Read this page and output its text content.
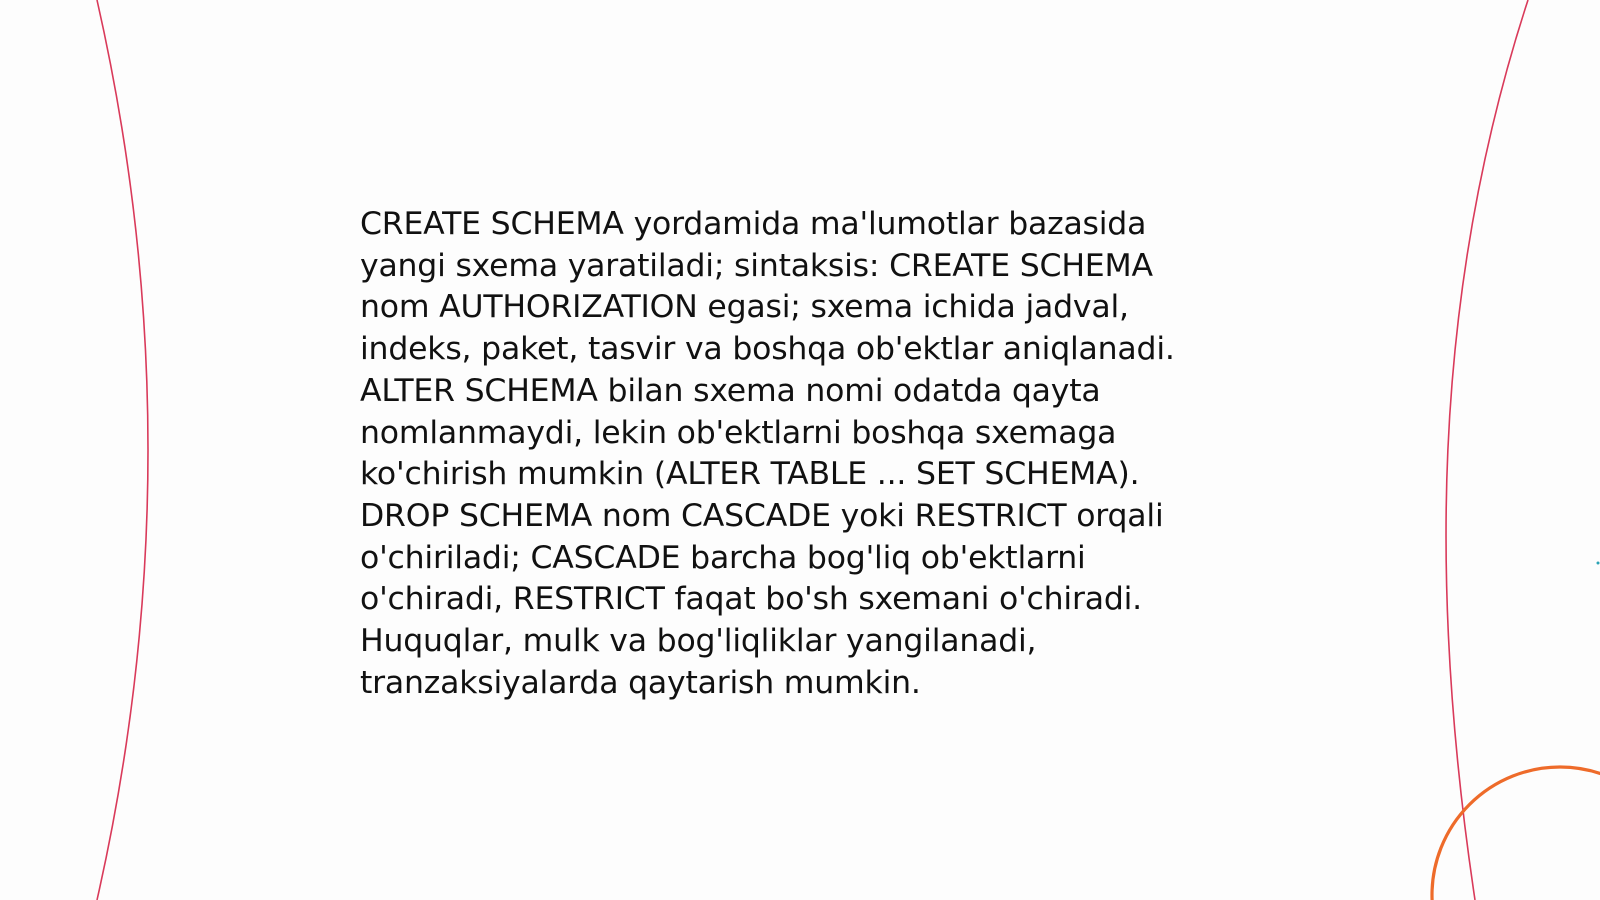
CREATE SCHEMA yordamida ma'lumotlar bazasida
yangi sxema yaratiladi; sintaksis: CREATE SCHEMA
nom AUTHORIZATION egasi; sxema ichida jadval,
indeks, paket, tasvir va boshqa ob'ektlar aniqlanadi.
ALTER SCHEMA bilan sxema nomi odatda qayta
nomlanmaydi, lekin ob'ektlarni boshqa sxemaga
ko'chirish mumkin (ALTER TABLE ... SET SCHEMA).
DROP SCHEMA nom CASCADE yoki RESTRICT orqali
o'chiriladi; CASCADE barcha bog'liq ob'ektlarni
o'chiradi, RESTRICT faqat bo'sh sxemani o'chiradi.
Huquqlar, mulk va bog'liqliklar yangilanadi,
tranzaksiyalarda qaytarish mumkin.
